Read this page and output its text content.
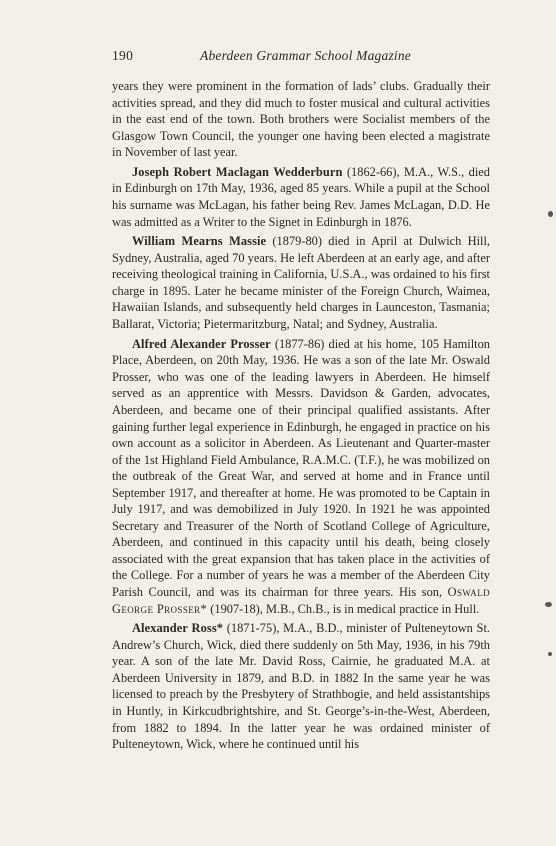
190	Aberdeen Grammar School Magazine

years they were prominent in the formation of lads’ clubs. Gradually their activities spread, and they did much to foster musical and cultural activities in the east end of the town. Both brothers were Socialist members of the Glasgow Town Council, the younger one having been elected a magistrate in November of last year.

Joseph Robert Maclagan Wedderburn (1862-66), M.A., W.S., died in Edinburgh on 17th May, 1936, aged 85 years. While a pupil at the School his surname was McLagan, his father being Rev. James McLagan, D.D. He was admitted as a Writer to the Signet in Edinburgh in 1876.

William Mearns Massie (1879-80) died in April at Dulwich Hill, Sydney, Australia, aged 70 years. He left Aberdeen at an early age, and after receiving theological training in California, U.S.A., was ordained to his first charge in 1895. Later he became minister of the Foreign Church, Waimea, Hawaiian Islands, and subsequently held charges in Launceston, Tasmania; Ballarat, Victoria; Pietermaritzburg, Natal; and Sydney, Australia.

Alfred Alexander Prosser (1877-86) died at his home, 105 Hamilton Place, Aberdeen, on 20th May, 1936. He was a son of the late Mr. Oswald Prosser, who was one of the leading lawyers in Aberdeen. He himself served as an apprentice with Messrs. Davidson & Garden, advocates, Aberdeen, and became one of their principal qualified assistants. After gaining further legal experience in Edinburgh, he engaged in practice on his own account as a solicitor in Aberdeen. As Lieutenant and Quarter-master of the 1st Highland Field Ambulance, R.A.M.C. (T.F.), he was mobilized on the outbreak of the Great War, and served at home and in France until September 1917, and thereafter at home. He was promoted to be Captain in July 1917, and was demobilized in July 1920. In 1921 he was appointed Secretary and Treasurer of the North of Scotland College of Agriculture, Aberdeen, and continued in this capacity until his death, being closely associated with the great expansion that has taken place in the activities of the College. For a number of years he was a member of the Aberdeen City Parish Council, and was its chairman for three years. His son, Oswald George Prosser* (1907-18), M.B., Ch.B., is in medical practice in Hull.

Alexander Ross* (1871-75), M.A., B.D., minister of Pulteneytown St. Andrew’s Church, Wick, died there suddenly on 5th May, 1936, in his 79th year. A son of the late Mr. David Ross, Cairnie, he graduated M.A. at Aberdeen University in 1879, and B.D. in 1882 In the same year he was licensed to preach by the Presbytery of Strathbogie, and held assistantships in Huntly, in Kirkcudbrightshire, and St. George’s-in-the-West, Aberdeen, from 1882 to 1894. In the latter year he was ordained minister of Pulteneytown, Wick, where he continued until his
